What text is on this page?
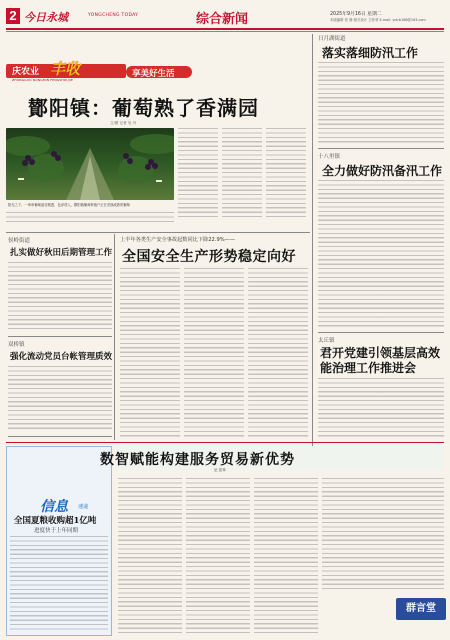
2 今日永城	YONGCHENG TODAY	综合新闻	2025年9月16日 星期二
本版编辑 张 静 版式设计 卫菲菲 E-mail: yctrb168@163.com
庆农业 丰收
ZHONGGUO NONGMIN FENGSHOUJIE
享美好生活
鄼阳镇：葡萄熟了香满园
文/图 记者 吴 丹
阳光之下，一串串葡萄晶莹剔透、色泽诱人，鄼阳镇葡萄种植户正在采摘成熟的葡萄
日月湖街道
落实落细防汛工作
十八里镇
全力做好防汛备汛工作
太丘镇
君开党建引领基层高效能治理工作推进会
侯岭街道
扎实做好秋田后期管理工作
双桥镇
强化流动党员台帐管理质效
上半年各类生产安全事故起数同比下降22.9%——
全国安全生产形势稳定向好
信息 速递
全国夏粮收购超1亿吨
进度快于上年同期
数智赋能构建服务贸易新优势
赵 振林
群言堂
